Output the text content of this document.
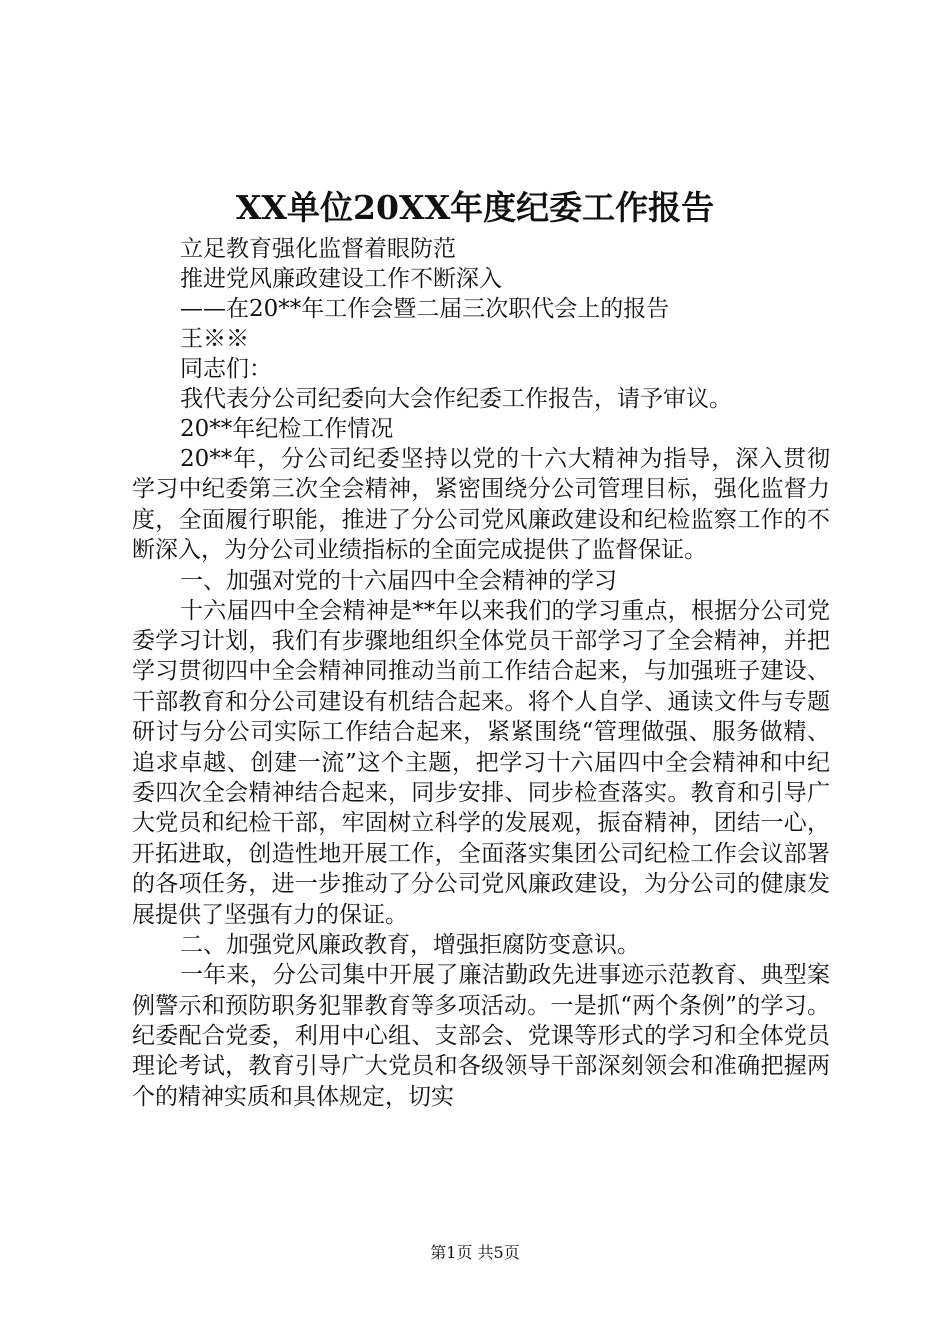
XX单位20XX年度纪委工作报告

立足教育强化监督着眼防范

推进党风廉政建设工作不断深入

——在20**年工作会暨二届三次职代会上的报告

王※※

同志们：

我代表分公司纪委向大会作纪委工作报告，请予审议。

20**年纪检工作情况

20**年，分公司纪委坚持以党的十六大精神为指导，深入贯彻学习中纪委第三次全会精神，紧密围绕分公司管理目标，强化监督力度，全面履行职能，推进了分公司党风廉政建设和纪检监察工作的不断深入，为分公司业绩指标的全面完成提供了监督保证。

一、加强对党的十六届四中全会精神的学习

十六届四中全会精神是**年以来我们的学习重点，根据分公司党委学习计划，我们有步骤地组织全体党员干部学习了全会精神，并把学习贯彻四中全会精神同推动当前工作结合起来，与加强班子建设、干部教育和分公司建设有机结合起来。将个人自学、通读文件与专题研讨与分公司实际工作结合起来，紧紧围绕“管理做强、服务做精、追求卓越、创建一流”这个主题，把学习十六届四中全会精神和中纪委四次全会精神结合起来，同步安排、同步检查落实。教育和引导广大党员和纪检干部，牢固树立科学的发展观，振奋精神，团结一心，开拓进取，创造性地开展工作，全面落实集团公司纪检工作会议部署的各项任务，进一步推动了分公司党风廉政建设，为分公司的健康发展提供了坚强有力的保证。

二、加强党风廉政教育，增强拒腐防变意识。

一年来，分公司集中开展了廉洁勤政先进事迹示范教育、典型案例警示和预防职务犯罪教育等多项活动。一是抓“两个条例”的学习。纪委配合党委，利用中心组、支部会、党课等形式的学习和全体党员理论考试，教育引导广大党员和各级领导干部深刻领会和准确把握两个的精神实质和具体规定，切实

第1页 共5页
